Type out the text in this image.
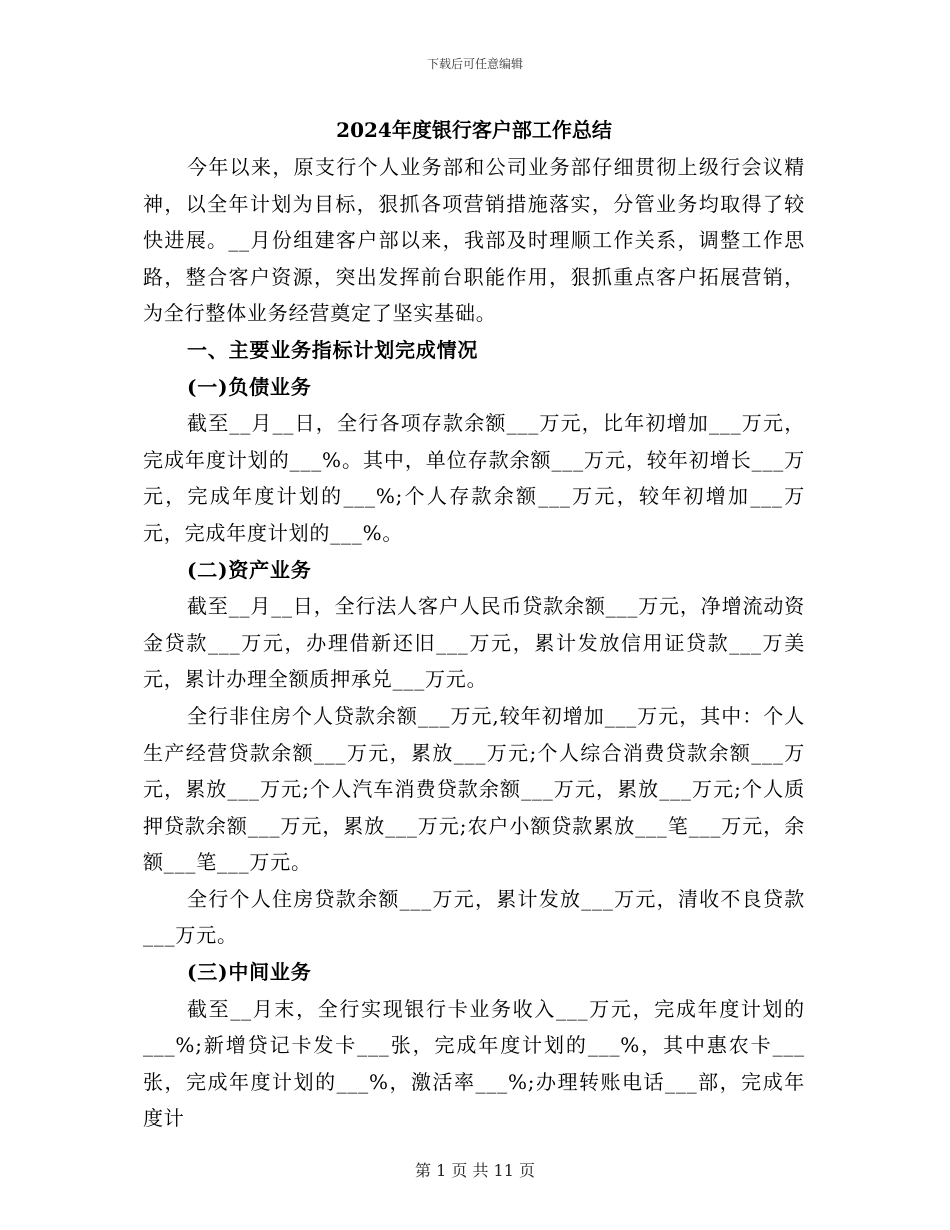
下载后可任意编辑
2024年度银行客户部工作总结

今年以来，原支行个人业务部和公司业务部仔细贯彻上级行会议精神，以全年计划为目标，狠抓各项营销措施落实，分管业务均取得了较快进展。__月份组建客户部以来，我部及时理顺工作关系，调整工作思路，整合客户资源，突出发挥前台职能作用，狠抓重点客户拓展营销，为全行整体业务经营奠定了坚实基础。

一、主要业务指标计划完成情况

(一)负债业务

截至__月__日，全行各项存款余额___万元，比年初增加___万元，完成年度计划的___%。其中，单位存款余额___万元，较年初增长___万元，完成年度计划的___%;个人存款余额___万元，较年初增加___万元，完成年度计划的___%。

(二)资产业务

截至__月__日，全行法人客户人民币贷款余额___万元，净增流动资金贷款___万元，办理借新还旧___万元，累计发放信用证贷款___万美元，累计办理全额质押承兑___万元。

全行非住房个人贷款余额___万元,较年初增加___万元，其中：个人生产经营贷款余额___万元，累放___万元;个人综合消费贷款余额___万元，累放___万元;个人汽车消费贷款余额___万元，累放___万元;个人质押贷款余额___万元，累放___万元;农户小额贷款累放___笔___万元，余额___笔___万元。

全行个人住房贷款余额___万元，累计发放___万元，清收不良贷款___万元。

(三)中间业务

截至__月末，全行实现银行卡业务收入___万元，完成年度计划的___%;新增贷记卡发卡___张，完成年度计划的___%，其中惠农卡___张，完成年度计划的___%，激活率___%;办理转账电话___部，完成年度计

第 1 页 共 11 页
